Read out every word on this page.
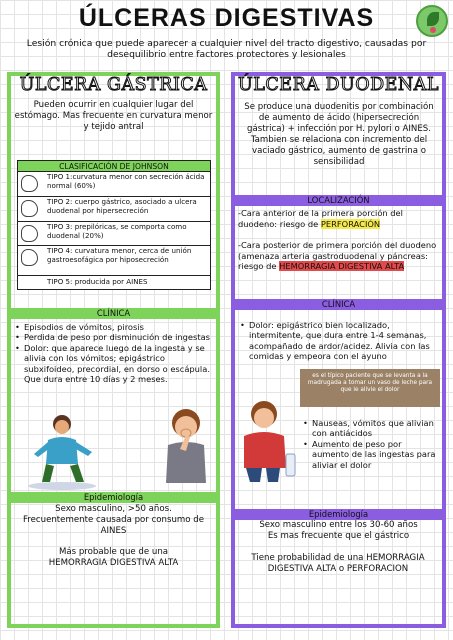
ÚLCERAS DIGESTIVAS
Lesión crónica que puede aparecer a cualquier nivel del tracto digestivo, causadas por desequilibrio entre factores protectores y lesionales
ÚLCERA GÁSTRICA
Pueden ocurrir en cualquier lugar del estómago. Mas frecuente en curvatura menor y tejido antral
CLASIFICACIÓN DE JOHNSON
TIPO 1:curvatura menor con secreción ácida normal (60%)
TIPO 2: cuerpo gástrico, asociado a ulcera duodenal por hipersecreción
TIPO 3: prepilóricas, se comporta como duodenal (20%)
TIPO 4: curvatura menor, cerca de unión gastroesofágica por hiposecreción
TIPO 5: producida por AINES
CLÍNICA
• Episodios de vómitos, pirosis
• Perdida de peso por disminución de ingestas
• Dolor: que aparece luego de la ingesta y se alivia con los vómitos; epigástrico subxifoideo, precordial, en dorso o escápula. Que dura entre 10 días y 2 meses.
Epidemiología
Sexo masculino, >50 años.
Frecuentemente causada por consumo de AINES
Más probable que de una HEMORRAGIA DIGESTIVA ALTA
ÚLCERA DUODENAL
Se produce una duodenitis por combinación de aumento de ácido (hipersecreción gástrica) + infección por H. pylori o AINES. Tambien se relaciona con incremento del vaciado gástrico, aumento de gastrina o sensibilidad
LOCALIZACIÓN
-Cara anterior de la primera porción del duodeno: riesgo de PERFORACIÓN
-Cara posterior de primera porción del duodeno (amenaza arteria gastroduodenal y páncreas: riesgo de HEMORRAGIA DIGESTIVA ALTA
CLÍNICA
• Dolor: epigástrico bien localizado, intermitente, que dura entre 1-4 semanas, acompañado de ardor/acidez. Alivia con las comidas y empeora con el ayuno
es el típico paciente que se levanta a la madrugada a tomar un vaso de leche para que le alivie el dolor
• Nauseas, vómitos que alivian con antiácidos
• Aumento de peso por aumento de las ingestas para aliviar el dolor
Epidemiología
Sexo masculino entre los 30-60 años
Es mas frecuente que el gástrico
Tiene probabilidad de una HEMORRAGIA DIGESTIVA ALTA o PERFORACION
